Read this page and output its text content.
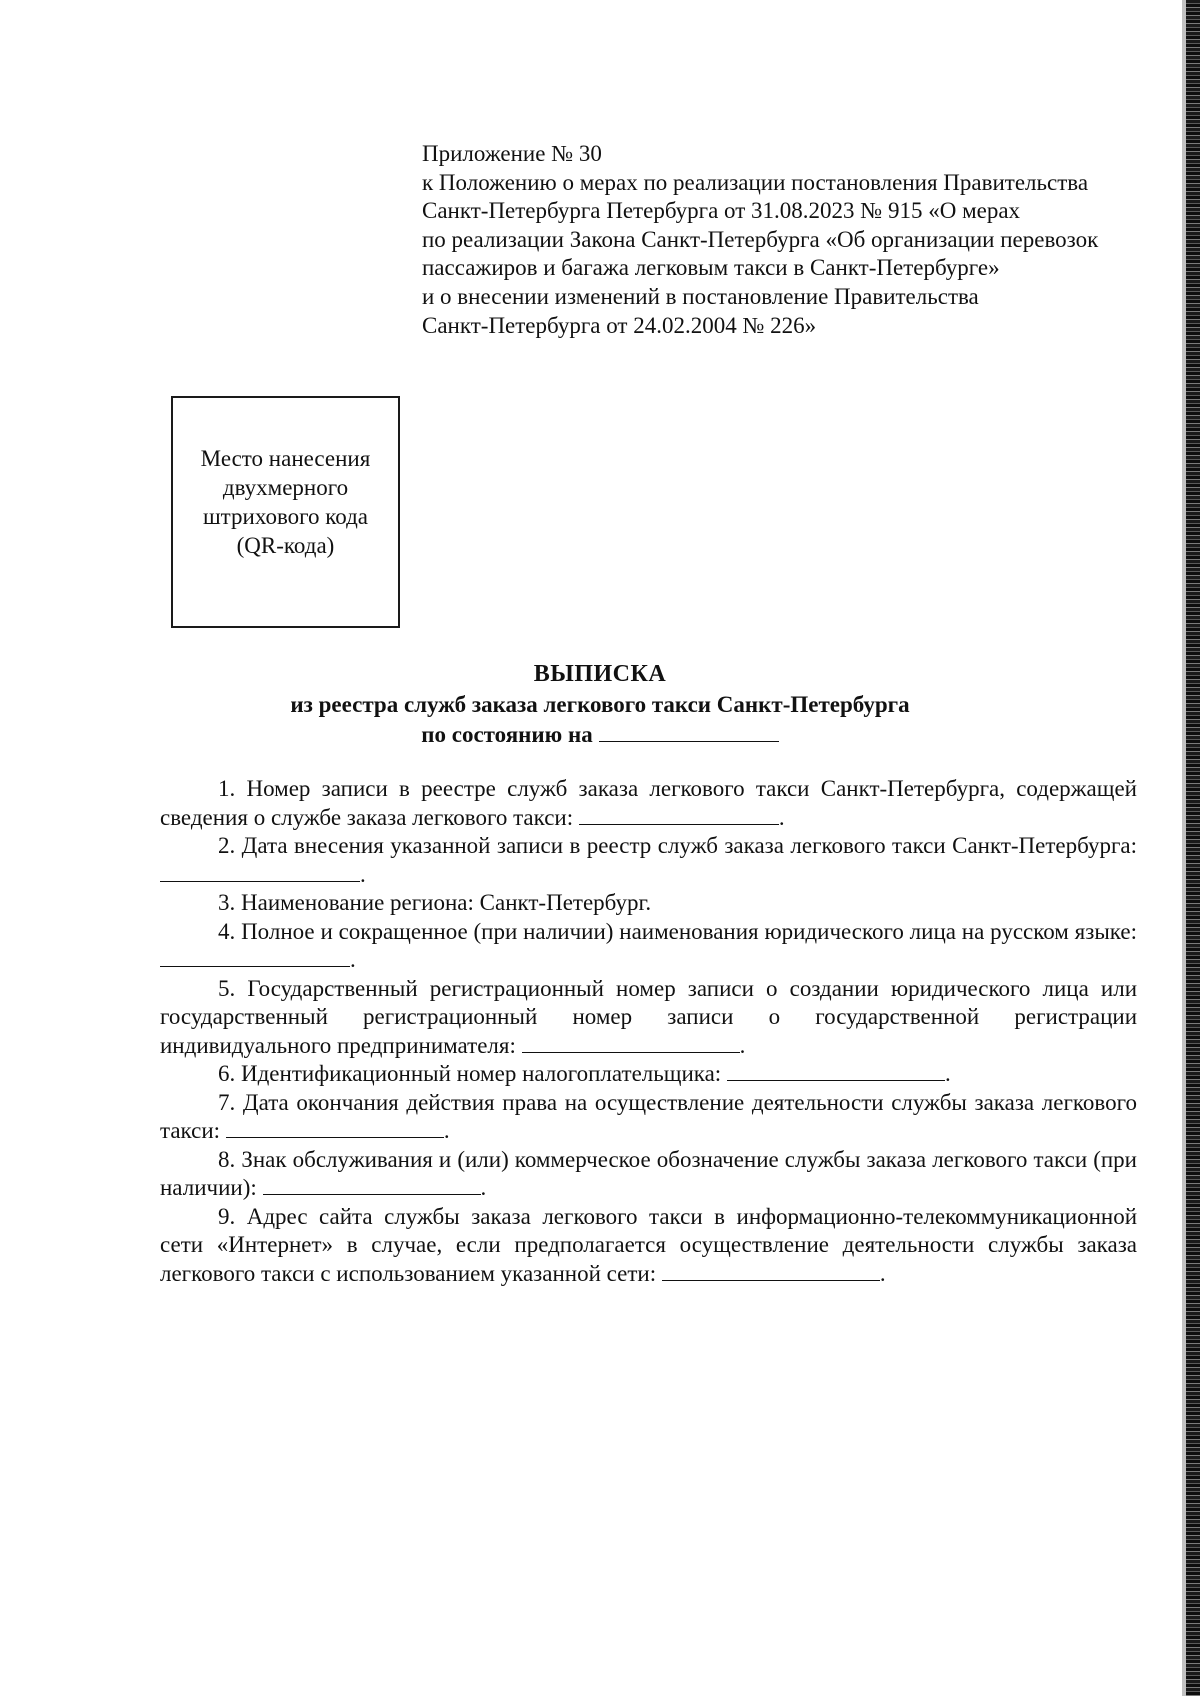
Приложение № 30
к Положению о мерах по реализации постановления Правительства
Санкт-Петербурга Петербурга от 31.08.2023 № 915 «О мерах
по реализации Закона Санкт-Петербурга «Об организации перевозок
пассажиров и багажа легковым такси в Санкт-Петербурге»
и о внесении изменений в постановление Правительства
Санкт-Петербурга от 24.02.2004 № 226»
Место нанесения
двухмерного
штрихового кода
(QR-кода)
ВЫПИСКА
из реестра служб заказа легкового такси Санкт-Петербурга
по состоянию на

1. Номер записи в реестре служб заказа легкового такси Санкт-Петербурга, содержащей сведения о службе заказа легкового такси:	.

2. Дата внесения указанной записи в реестр служб заказа легкового такси Санкт-Петербурга: .

3. Наименование региона: Санкт-Петербург.

4. Полное и сокращенное (при наличии) наименования юридического лица на русском языке: .

5. Государственный регистрационный номер записи о создании юридического лица или государственный регистрационный номер записи о государственной регистрации индивидуального предпринимателя:	.

6. Идентификационный номер налогоплательщика:	.

7. Дата окончания действия права на осуществление деятельности службы заказа легкового такси:	.

8. Знак обслуживания и (или) коммерческое обозначение службы заказа легкового такси (при наличии):	.

9. Адрес сайта службы заказа легкового такси в информационно-телекоммуникационной сети «Интернет» в случае, если предполагается осуществление деятельности службы заказа легкового такси с использованием указанной сети:	.
